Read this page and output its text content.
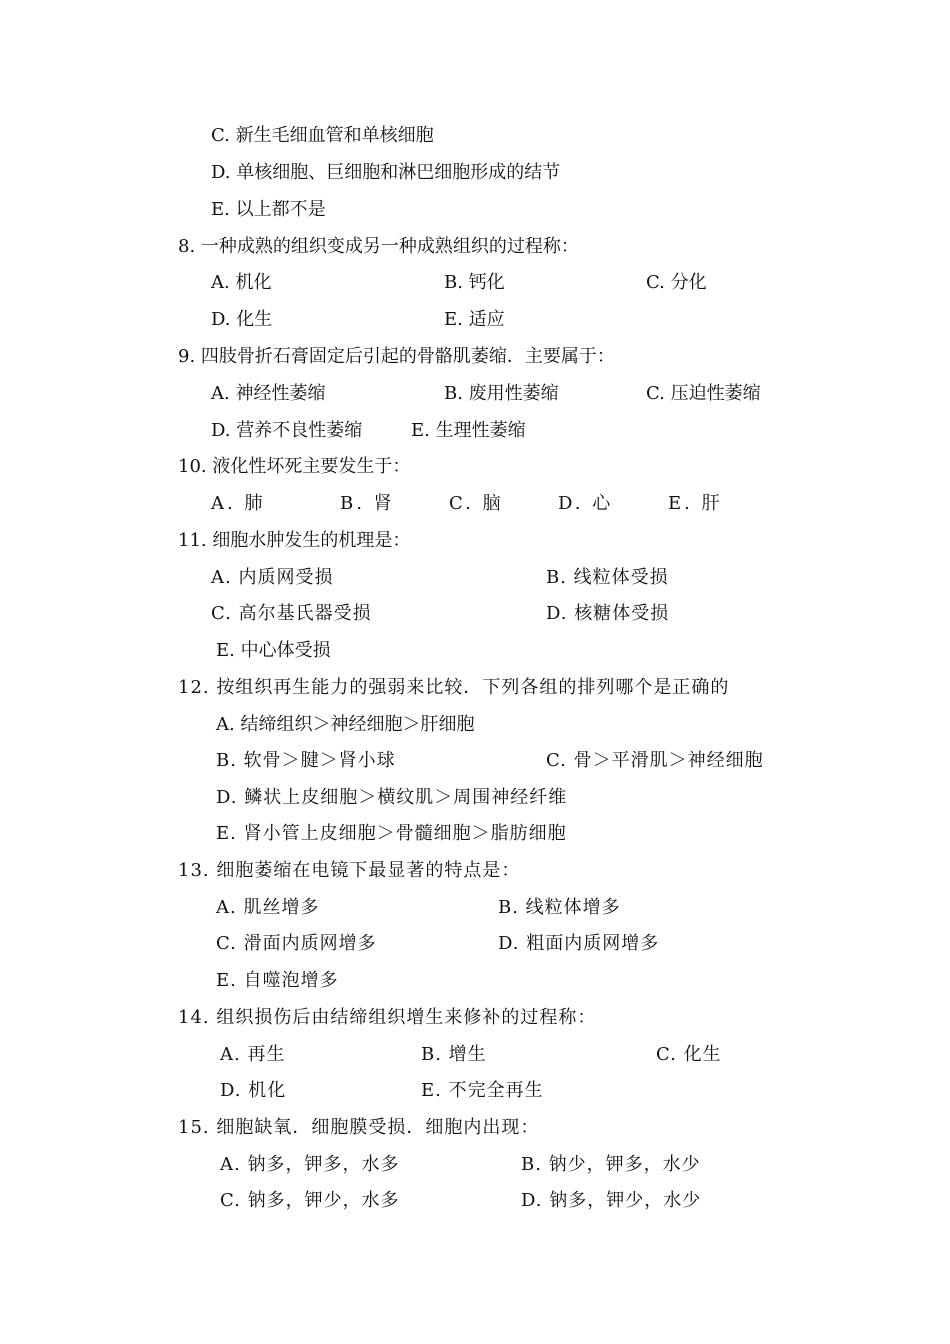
C. 新生毛细血管和单核细胞
D. 单核细胞、巨细胞和淋巴细胞形成的结节
E. 以上都不是
8. 一种成熟的组织变成另一种成熟组织的过程称：
A. 机化	B. 钙化	C. 分化
D. 化生	E. 适应
9. 四肢骨折石膏固定后引起的骨骼肌萎缩．主要属于：
A. 神经性萎缩	B. 废用性萎缩	C. 压迫性萎缩
D. 营养不良性萎缩	E. 生理性萎缩
10. 液化性坏死主要发生于：
A. 肺	B. 肾	C. 脑	D. 心	E. 肝
11. 细胞水肿发生的机理是：
A. 内质网受损	B. 线粒体受损
C. 高尔基氏器受损	D. 核糖体受损
E. 中心体受损
12. 按组织再生能力的强弱来比较．下列各组的排列哪个是正确的
A. 结缔组织＞神经细胞＞肝细胞
B. 软骨＞腱＞肾小球	C. 骨＞平滑肌＞神经细胞
D. 鳞状上皮细胞＞横纹肌＞周围神经纤维
E. 肾小管上皮细胞＞骨髓细胞＞脂肪细胞
13. 细胞萎缩在电镜下最显著的特点是：
A. 肌丝增多	B. 线粒体增多
C. 滑面内质网增多	D. 粗面内质网增多
E. 自噬泡增多
14. 组织损伤后由结缔组织增生来修补的过程称：
A. 再生	B. 增生	C. 化生
D. 机化	E. 不完全再生
15. 细胞缺氧．细胞膜受损．细胞内出现：
A. 钠多，钾多，水多	B. 钠少，钾多，水少
C. 钠多，钾少，水多	D. 钠多，钾少，水少
